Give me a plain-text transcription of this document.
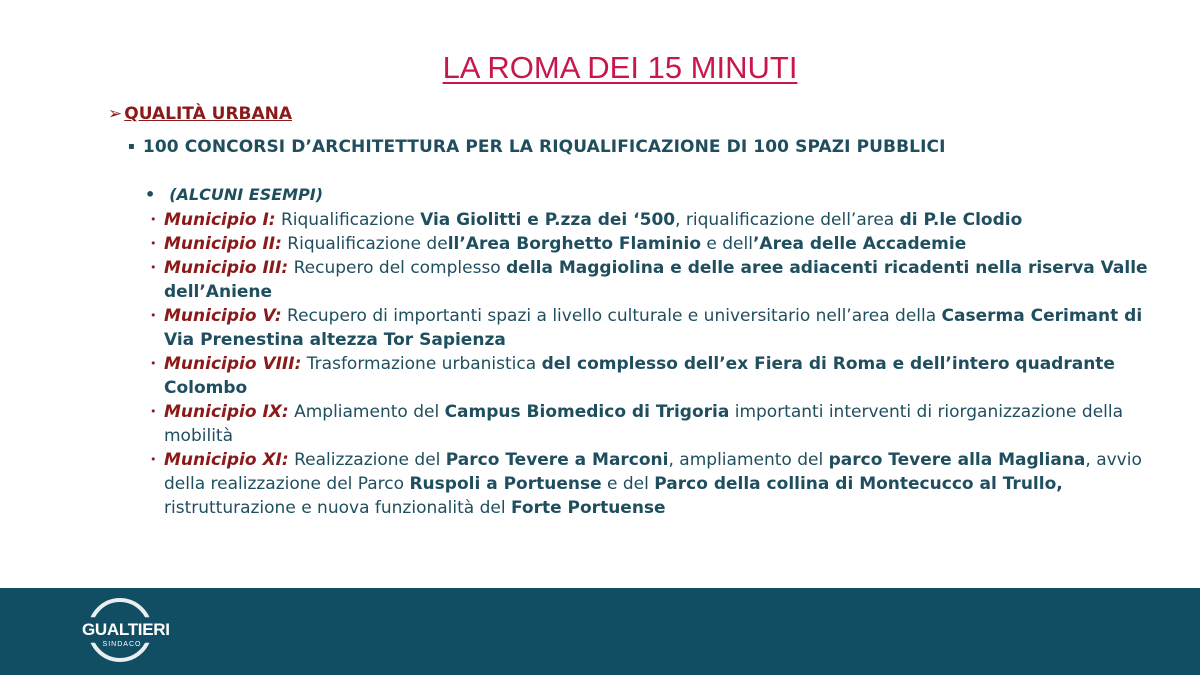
LA ROMA DEI 15 MINUTI
➢ QUALITÀ URBANA
▪ 100 CONCORSI D’ARCHITETTURA PER LA RIQUALIFICAZIONE DI 100 SPAZI PUBBLICI
• (ALCUNI ESEMPI)
• Municipio I: Riqualificazione Via Giolitti e P.zza dei ‘500, riqualificazione dell’area di P.le Clodio
• Municipio II: Riqualificazione dell’Area Borghetto Flaminio e dell’Area delle Accademie
• Municipio III: Recupero del complesso della Maggiolina e delle aree adiacenti ricadenti nella riserva Valle dell’Aniene
• Municipio V: Recupero di importanti spazi a livello culturale e universitario nell’area della Caserma Cerimant di Via Prenestina altezza Tor Sapienza
• Municipio VIII: Trasformazione urbanistica del complesso dell’ex Fiera di Roma e dell’intero quadrante Colombo
• Municipio IX: Ampliamento del Campus Biomedico di Trigoria importanti interventi di riorganizzazione della mobilità
• Municipio XI: Realizzazione del Parco Tevere a Marconi, ampliamento del parco Tevere alla Magliana, avvio della realizzazione del Parco Ruspoli a Portuense e del Parco della collina di Montecucco al Trullo, ristrutturazione e nuova funzionalità del Forte Portuense
GUALTIERI
SINDACO
